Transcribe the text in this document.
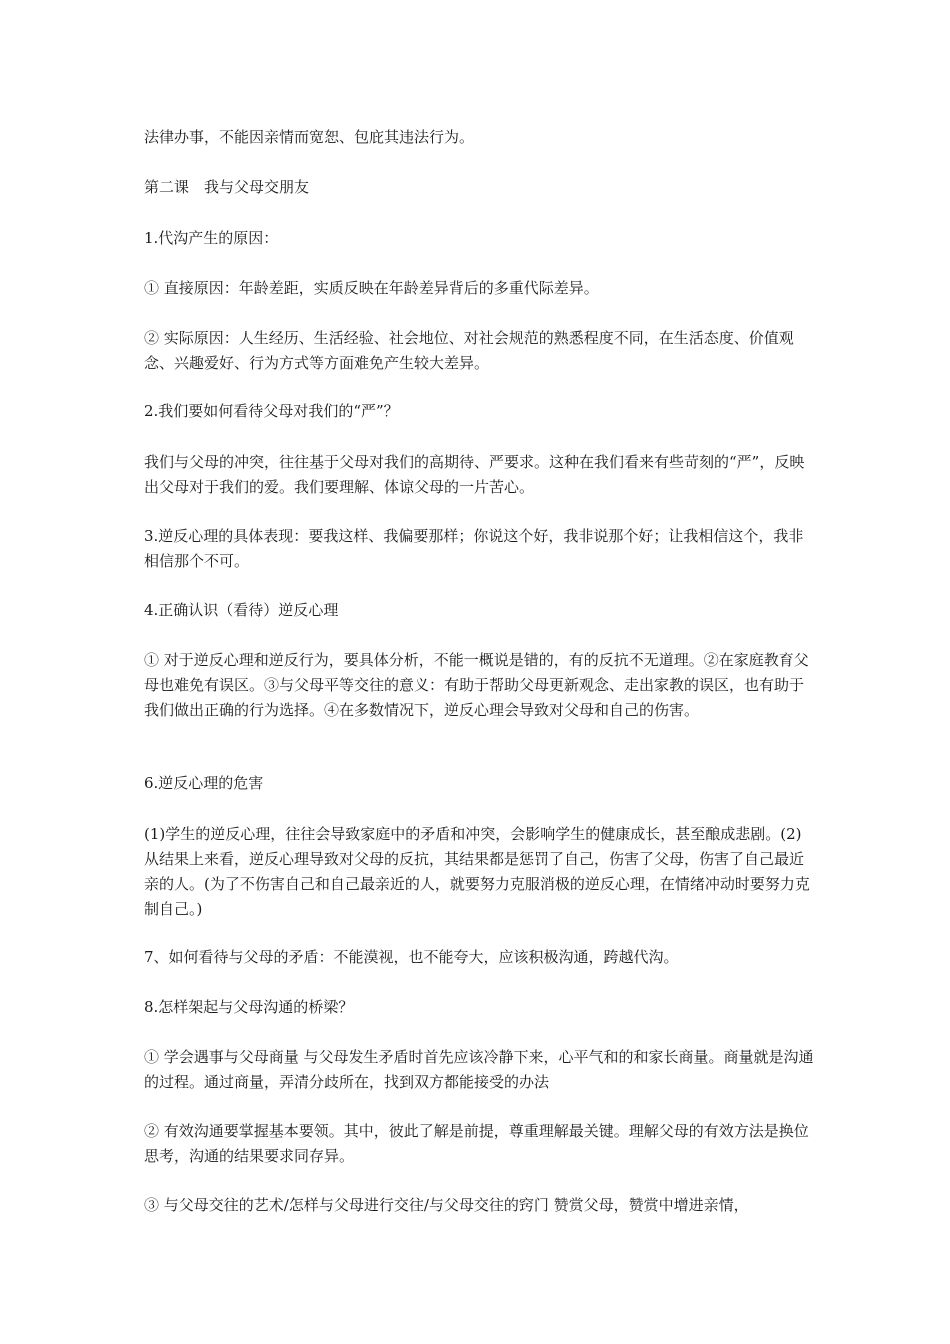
法律办事，不能因亲情而宽恕、包庇其违法行为。

第二课　我与父母交朋友

1.代沟产生的原因：

① 直接原因：年龄差距，实质反映在年龄差异背后的多重代际差异。

② 实际原因：人生经历、生活经验、社会地位、对社会规范的熟悉程度不同，在生活态度、价值观念、兴趣爱好、行为方式等方面难免产生较大差异。

2.我们要如何看待父母对我们的“严”？

我们与父母的冲突，往往基于父母对我们的高期待、严要求。这种在我们看来有些苛刻的“严”，反映出父母对于我们的爱。我们要理解、体谅父母的一片苦心。

3.逆反心理的具体表现：要我这样、我偏要那样；你说这个好，我非说那个好；让我相信这个，我非相信那个不可。

4.正确认识（看待）逆反心理

① 对于逆反心理和逆反行为，要具体分析，不能一概说是错的，有的反抗不无道理。②在家庭教育父母也难免有误区。③与父母平等交往的意义：有助于帮助父母更新观念、走出家教的误区，也有助于我们做出正确的行为选择。④在多数情况下，逆反心理会导致对父母和自己的伤害。

6.逆反心理的危害

(1)学生的逆反心理，往往会导致家庭中的矛盾和冲突，会影响学生的健康成长，甚至酿成悲剧。(2) 从结果上来看，逆反心理导致对父母的反抗，其结果都是惩罚了自己，伤害了父母，伤害了自己最近亲的人。(为了不伤害自己和自己最亲近的人，就要努力克服消极的逆反心理，在情绪冲动时要努力克制自己。)

7、如何看待与父母的矛盾：不能漠视，也不能夸大，应该积极沟通，跨越代沟。

8.怎样架起与父母沟通的桥梁？

① 学会遇事与父母商量 与父母发生矛盾时首先应该冷静下来，心平气和的和家长商量。商量就是沟通的过程。通过商量，弄清分歧所在，找到双方都能接受的办法

② 有效沟通要掌握基本要领。其中，彼此了解是前提，尊重理解最关键。理解父母的有效方法是换位思考，沟通的结果要求同存异。

③ 与父母交往的艺术/怎样与父母进行交往/与父母交往的窍门 赞赏父母，赞赏中增进亲情，
